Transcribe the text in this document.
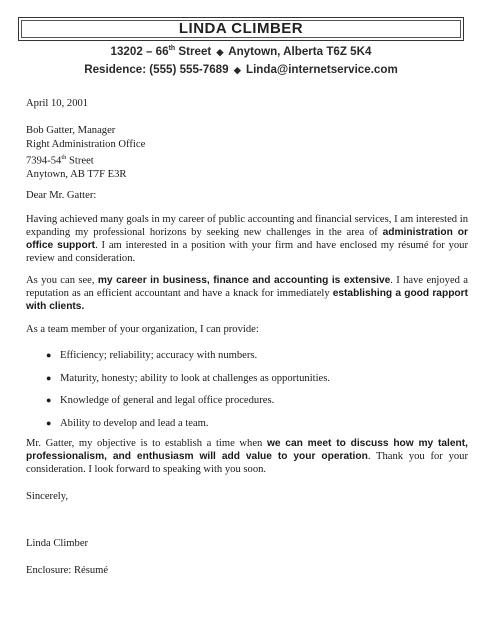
LINDA CLIMBER
13202 – 66th Street ◆ Anytown, Alberta T6Z 5K4
Residence: (555) 555-7689 ◆ Linda@internetservice.com
April 10, 2001
Bob Gatter, Manager
Right Administration Office
7394-54th Street
Anytown, AB T7F E3R
Dear Mr. Gatter:

Having achieved many goals in my career of public accounting and financial services, I am interested in expanding my professional horizons by seeking new challenges in the area of administration or office support. I am interested in a position with your firm and have enclosed my résumé for your review and consideration.

As you can see, my career in business, finance and accounting is extensive. I have enjoyed a reputation as an efficient accountant and have a knack for immediately establishing a good rapport with clients.

As a team member of your organization, I can provide:
● Efficiency; reliability; accuracy with numbers.
● Maturity, honesty; ability to look at challenges as opportunities.
● Knowledge of general and legal office procedures.
● Ability to develop and lead a team.

Mr. Gatter, my objective is to establish a time when we can meet to discuss how my talent, professionalism, and enthusiasm will add value to your operation. Thank you for your consideration. I look forward to speaking with you soon.

Sincerely,
Linda Climber
Enclosure: Résumé
